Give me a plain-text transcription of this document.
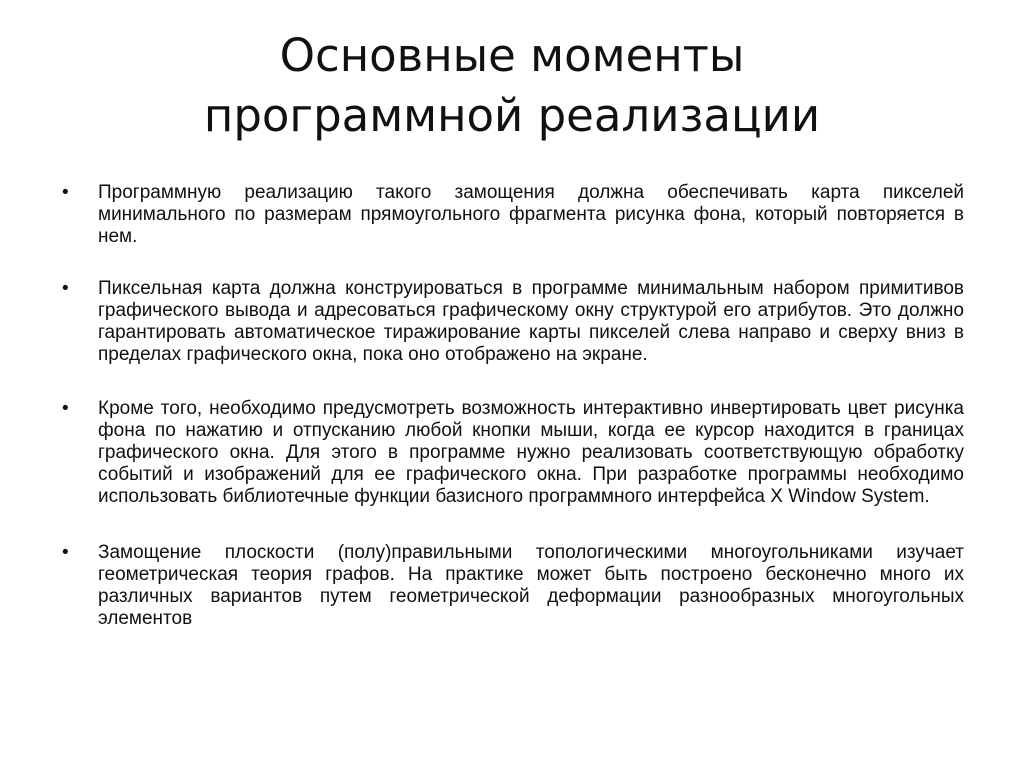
Основные моменты
программной реализации
• Программную реализацию такого замощения должна обеспечивать карта пикселей минимального по размерам прямоугольного фрагмента рисунка фона, который повторяется в нем.
• Пиксельная карта должна конструироваться в программе минимальным набором примитивов графического вывода и адресоваться графическому окну структурой его атрибутов. Это должно гарантировать автоматическое тиражирование карты пикселей слева направо и сверху вниз в пределах графического окна, пока оно отображено на экране.
• Кроме того, необходимо предусмотреть возможность интерактивно инвертировать цвет рисунка фона по нажатию и отпусканию любой кнопки мыши, когда ее курсор находится в границах графического окна. Для этого в программе нужно реализовать соответствующую обработку событий и изображений для ее графического окна. При разработке программы необходимо использовать библиотечные функции базисного программного интерфейса X Window System.
• Замощение плоскости (полу)правильными топологическими многоугольниками изучает геометрическая теория графов. На практике может быть построено бесконечно много их различных вариантов путем геометрической деформации разнообразных многоугольных элементов
